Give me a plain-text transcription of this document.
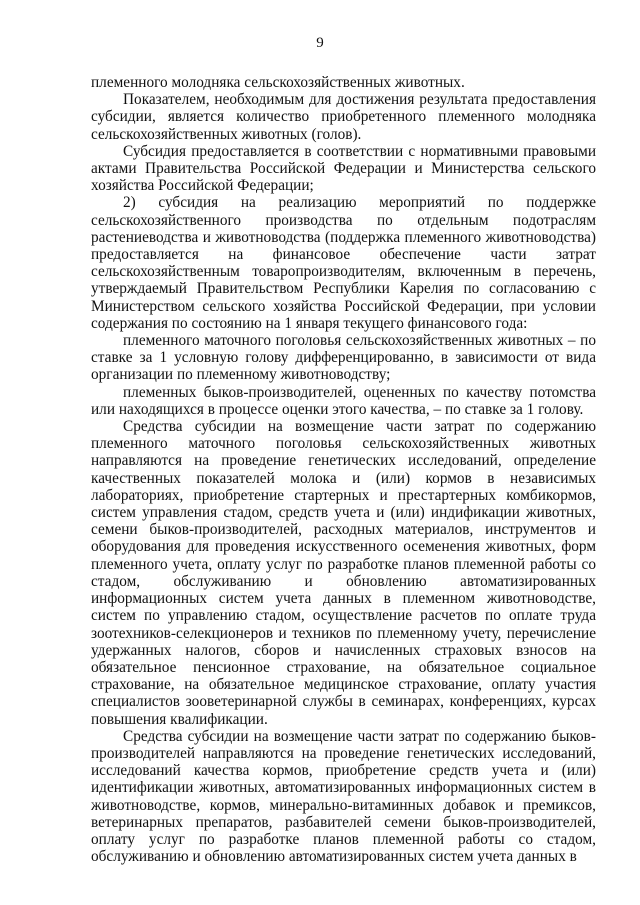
9

племенного молодняка сельскохозяйственных животных.

Показателем, необходимым для достижения результата предоставления субсидии, является количество приобретенного племенного молодняка сельскохозяйственных животных (голов).

Субсидия предоставляется в соответствии с нормативными правовыми актами Правительства Российской Федерации и Министерства сельского хозяйства Российской Федерации;

2) субсидия на реализацию мероприятий по поддержке сельскохозяйственного производства по отдельным подотраслям растениеводства и животноводства (поддержка племенного животноводства) предоставляется на финансовое обеспечение части затрат сельскохозяйственным товаропроизводителям, включенным в перечень, утверждаемый Правительством Республики Карелия по согласованию с Министерством сельского хозяйства Российской Федерации, при условии содержания по состоянию на 1 января текущего финансового года:

племенного маточного поголовья сельскохозяйственных животных – по ставке за 1 условную голову дифференцированно, в зависимости от вида организации по племенному животноводству;

племенных быков-производителей, оцененных по качеству потомства или находящихся в процессе оценки этого качества, – по ставке за 1 голову.

Средства субсидии на возмещение части затрат по содержанию племенного маточного поголовья сельскохозяйственных животных направляются на проведение генетических исследований, определение качественных показателей молока и (или) кормов в независимых лабораториях, приобретение стартерных и престартерных комбикормов, систем управления стадом, средств учета и (или) индификации животных, семени быков-производителей, расходных материалов, инструментов и оборудования для проведения искусственного осеменения животных, форм племенного учета, оплату услуг по разработке планов племенной работы со стадом, обслуживанию и обновлению автоматизированных информационных систем учета данных в племенном животноводстве, систем по управлению стадом, осуществление расчетов по оплате труда зоотехников-селекционеров и техников по племенному учету, перечисление удержанных налогов, сборов и начисленных страховых взносов на обязательное пенсионное страхование, на обязательное социальное страхование, на обязательное медицинское страхование, оплату участия специалистов зооветеринарной службы в семинарах, конференциях, курсах повышения квалификации.

Средства субсидии на возмещение части затрат по содержанию быков-производителей направляются на проведение генетических исследований, исследований качества кормов, приобретение средств учета и (или) идентификации животных, автоматизированных информационных систем в животноводстве, кормов, минерально-витаминных добавок и премиксов, ветеринарных препаратов, разбавителей семени быков-производителей, оплату услуг по разработке планов племенной работы со стадом, обслуживанию и обновлению автоматизированных систем учета данных в
